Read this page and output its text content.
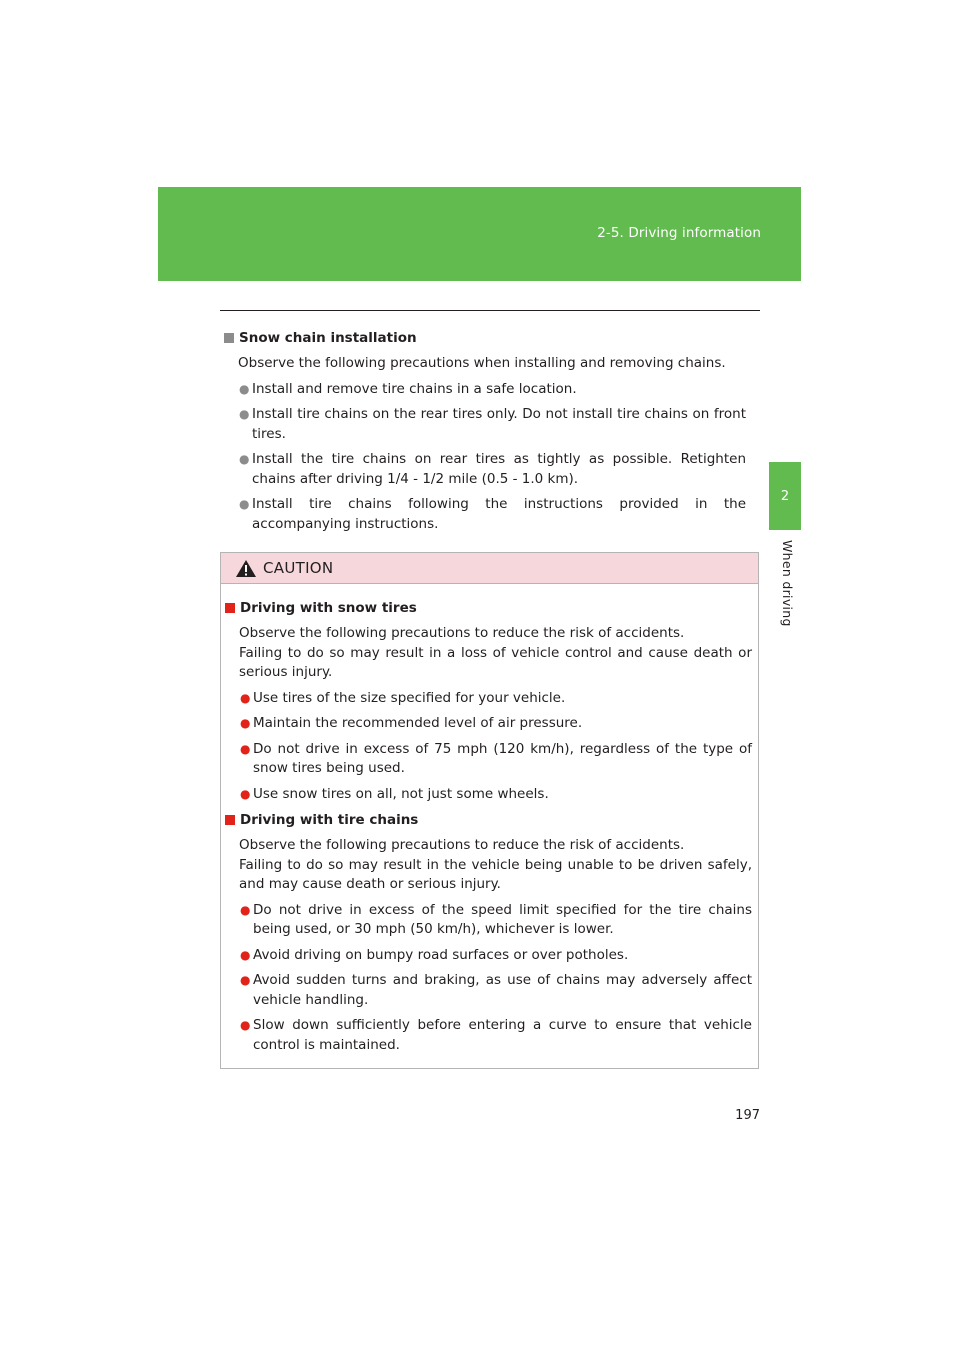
2-5. Driving information
2
When driving
Snow chain installation
Observe the following precautions when installing and removing chains.
● Install and remove tire chains in a safe location.
● Install tire chains on the rear tires only. Do not install tire chains on front tires.
● Install the tire chains on rear tires as tightly as possible. Retighten chains after driving 1/4 - 1/2 mile (0.5 - 1.0 km).
● Install tire chains following the instructions provided in the accompanying instructions.
CAUTION
Driving with snow tires
Observe the following precautions to reduce the risk of accidents.
Failing to do so may result in a loss of vehicle control and cause death or serious injury.
● Use tires of the size specified for your vehicle.
● Maintain the recommended level of air pressure.
● Do not drive in excess of 75 mph (120 km/h), regardless of the type of snow tires being used.
● Use snow tires on all, not just some wheels.
Driving with tire chains
Observe the following precautions to reduce the risk of accidents.
Failing to do so may result in the vehicle being unable to be driven safely, and may cause death or serious injury.
● Do not drive in excess of the speed limit specified for the tire chains being used, or 30 mph (50 km/h), whichever is lower.
● Avoid driving on bumpy road surfaces or over potholes.
● Avoid sudden turns and braking, as use of chains may adversely affect vehicle handling.
● Slow down sufficiently before entering a curve to ensure that vehicle control is maintained.
197
